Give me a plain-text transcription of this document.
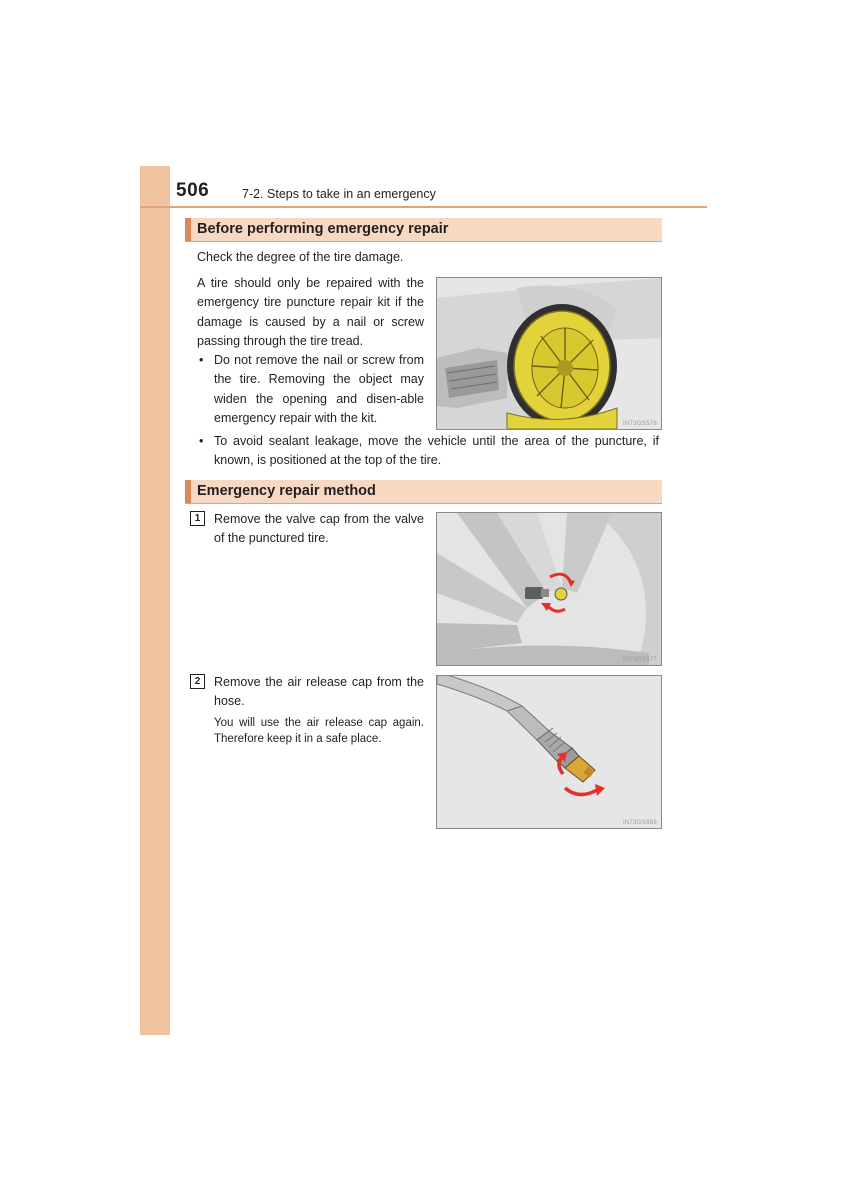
506	7-2. Steps to take in an emergency
Before performing emergency repair

Check the degree of the tire damage.

A tire should only be repaired with the emergency tire puncture repair kit if the damage is caused by a nail or screw passing through the tire tread.

• Do not remove the nail or screw from the tire. Removing the object may widen the opening and disen-able emergency repair with the kit.

• To avoid sealant leakage, move the vehicle until the area of the puncture, if known, is positioned at the top of the tire.

IN73GS576
Emergency repair method
1	Remove the valve cap from the valve of the punctured tire.

IN73GS577
2	Remove the air release cap from the hose.

You will use the air release cap again. Therefore keep it in a safe place.

IN73GS889
